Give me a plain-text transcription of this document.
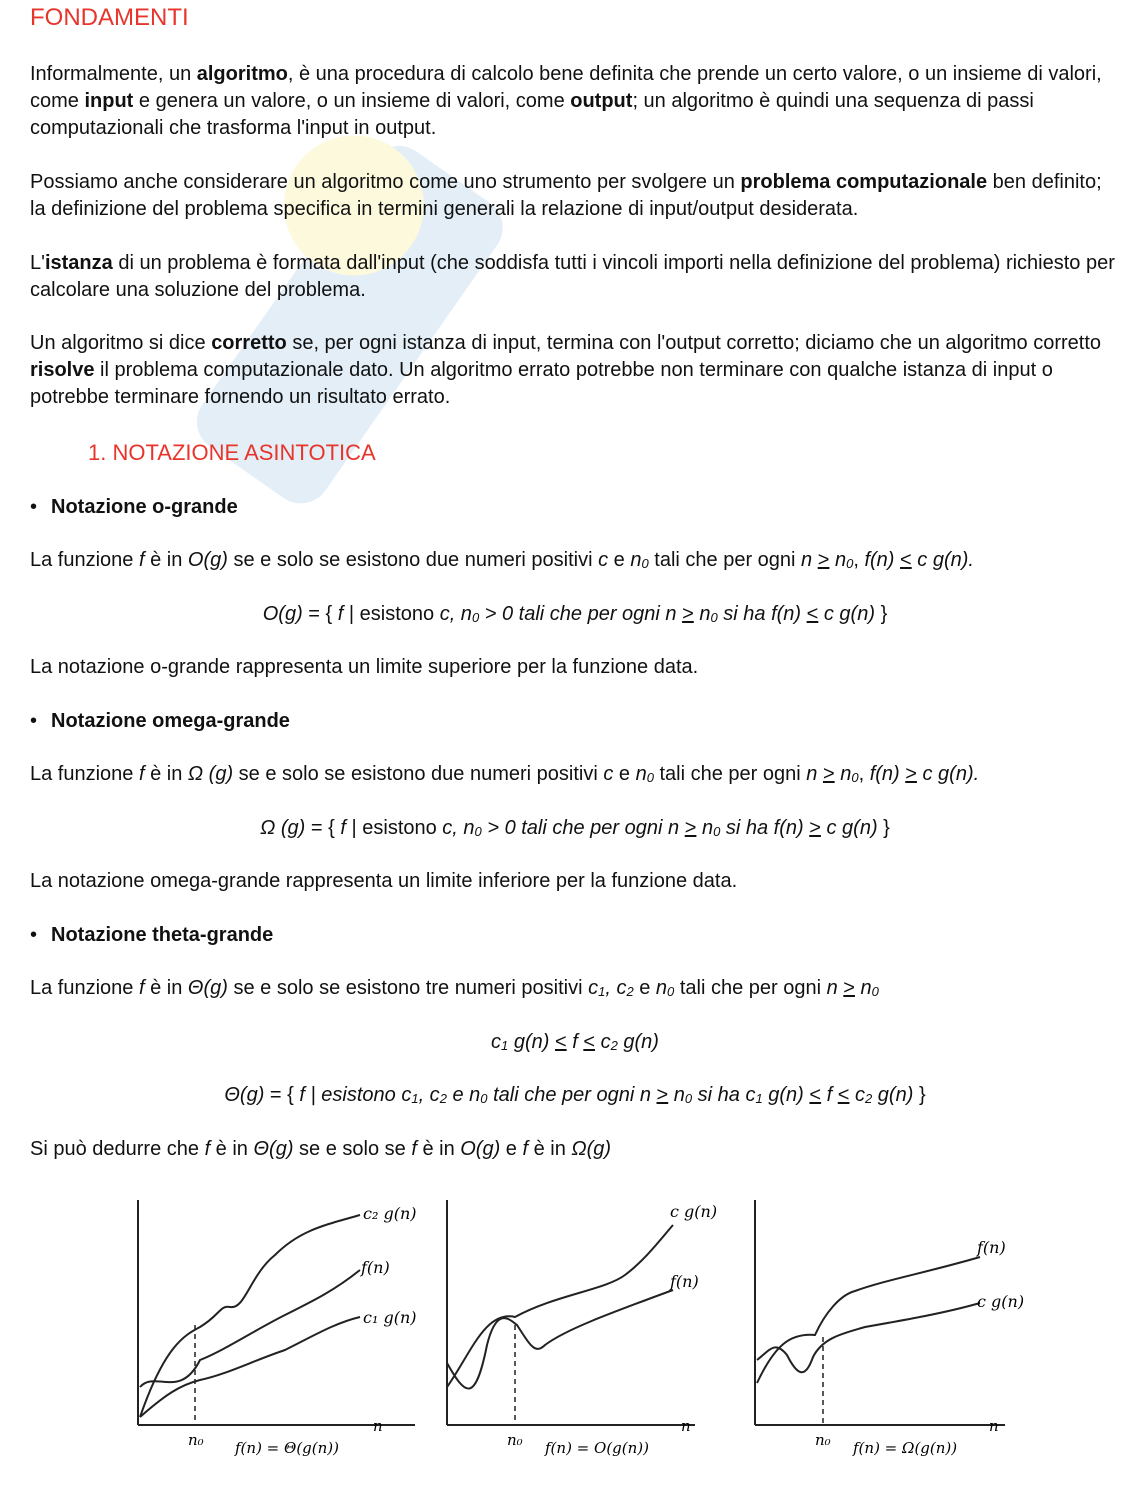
FONDAMENTI

Informalmente, un algoritmo, è una procedura di calcolo bene definita che prende un certo valore, o un insieme di valori, come input e genera un valore, o un insieme di valori, come output; un algoritmo è quindi una sequenza di passi computazionali che trasforma l'input in output.

Possiamo anche considerare un algoritmo come uno strumento per svolgere un problema computazionale ben definito; la definizione del problema specifica in termini generali la relazione di input/output desiderata.

L'istanza di un problema è formata dall'input (che soddisfa tutti i vincoli importi nella definizione del problema) richiesto per calcolare una soluzione del problema.

Un algoritmo si dice corretto se, per ogni istanza di input, termina con l'output corretto; diciamo che un algoritmo corretto risolve il problema computazionale dato. Un algoritmo errato potrebbe non terminare con qualche istanza di input o potrebbe terminare fornendo un risultato errato.

1. NOTAZIONE ASINTOTICA
• Notazione o-grande
La funzione f è in O(g) se e solo se esistono due numeri positivi c e $n_0$ tali che per ogni $n > n_0$, f(n) < c g(n).
O(g) = { f | esistono c, $n_0 > 0$ tali che per ogni $n > n_0$ si ha f(n) < c g(n) }
La notazione o-grande rappresenta un limite superiore per la funzione data.
• Notazione omega-grande
La funzione f è in Ω (g) se e solo se esistono due numeri positivi c e $n_0$ tali che per ogni $n > n_0$, f(n) > c g(n).
Ω (g) = { f | esistono c, $n_0 > 0$ tali che per ogni $n > n_0$ si ha f(n) > c g(n) }
La notazione omega-grande rappresenta un limite inferiore per la funzione data.
• Notazione theta-grande
La funzione f è in Θ(g) se e solo se esistono tre numeri positivi $c_1$, $c_2$ e $n_0$ tali che per ogni $n > n_0$
$c_1$ $g(n) < f < c_2$ g(n)
Θ(g) = { f | esistono $c_1$, $c_2$ e $n_0$ tali che per ogni $n > n_0$ si ha $c_1$ $g(n) < f < c_2$ g(n) }
Si può dedurre che f è in Θ(g) se e solo se f è in O(g) e f è in Ω(g)
c₂ g(n)
f(n)
c₁ g(n)
n
n₀ f(n) = Θ(g(n))
c g(n)
f(n)
n
n₀ f(n) = O(g(n))
f(n)
c g(n)
n
n₀ f(n) = Ω(g(n))
